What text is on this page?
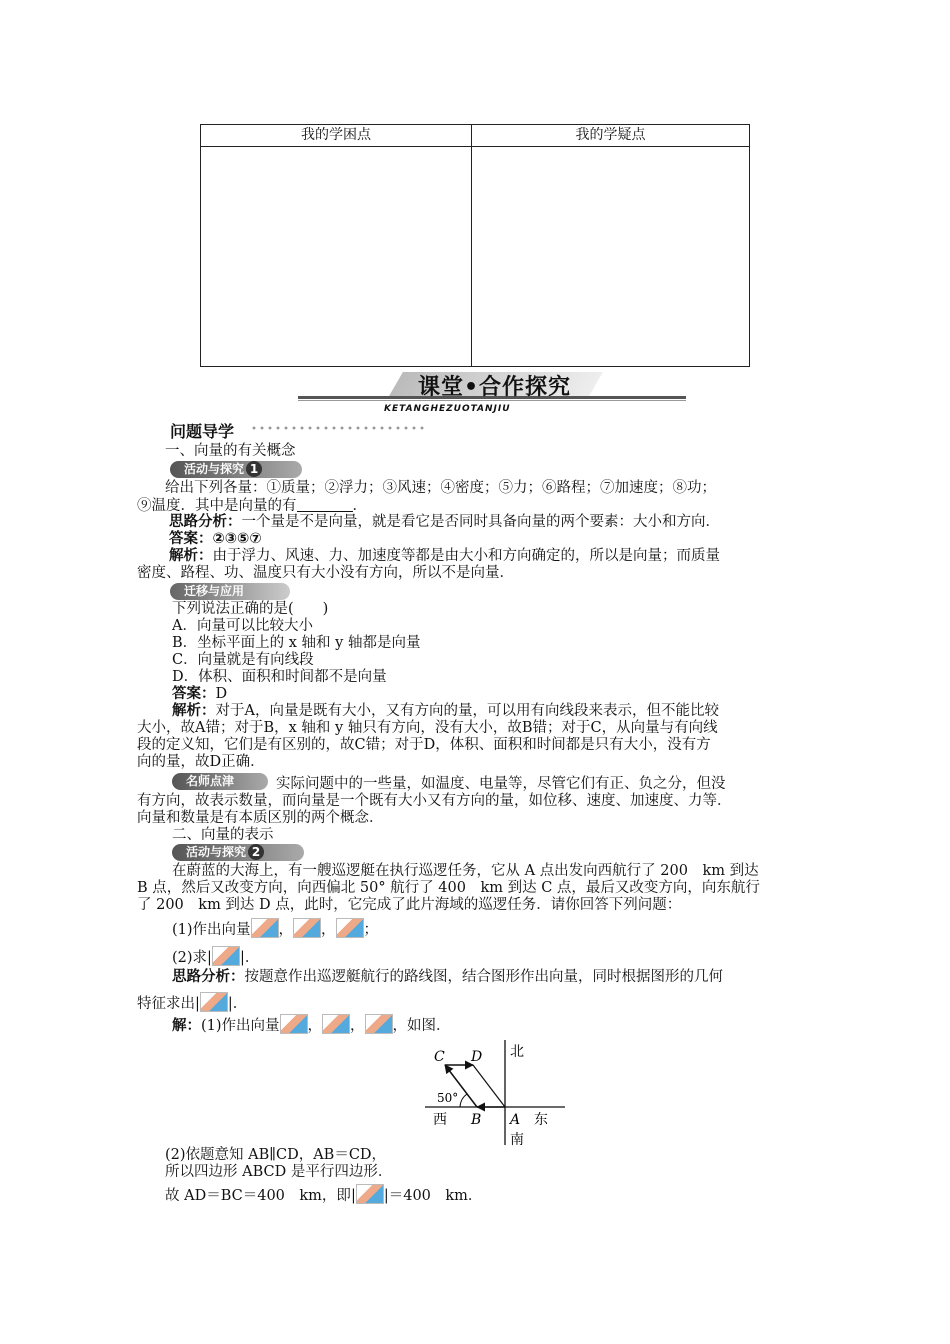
我的学困点	我的学疑点
课堂•合作探究
KETANGHEZUOTANJIU
问题导学
一、向量的有关概念
活动与探究 1
给出下列各量：①质量；②浮力；③风速；④密度；⑤力；⑥路程；⑦加速度；⑧功；
⑨温度．其中是向量的有	．
思路分析：一个量是不是向量，就是看它是否同时具备向量的两个要素：大小和方向．
答案：②③⑤⑦
解析：由于浮力、风速、力、加速度等都是由大小和方向确定的，所以是向量；而质量
密度、路程、功、温度只有大小没有方向，所以不是向量．
迁移与应用
下列说法正确的是(　　)
A．向量可以比较大小
B．坐标平面上的 x 轴和 y 轴都是向量
C．向量就是有向线段
D．体积、面积和时间都不是向量
答案：D
解析：对于A，向量是既有大小，又有方向的量，可以用有向线段来表示，但不能比较
大小，故A错；对于B，x 轴和 y 轴只有方向，没有大小，故B错；对于C，从向量与有向线
段的定义知，它们是有区别的，故C错；对于D，体积、面积和时间都是只有大小，没有方
向的量，故D正确．
名师点津	实际问题中的一些量，如温度、电量等，尽管它们有正、负之分，但没
有方向，故表示数量，而向量是一个既有大小又有方向的量，如位移、速度、加速度、力等．
向量和数量是有本质区别的两个概念．
二、向量的表示
活动与探究 2
在蔚蓝的大海上，有一艘巡逻艇在执行巡逻任务，它从 A 点出发向西航行了 200　km 到达
B 点，然后又改变方向，向西偏北 50° 航行了 400　km 到达 C 点，最后又改变方向，向东航行
了 200　km 到达 D 点，此时，它完成了此片海域的巡逻任务．请你回答下列问题：
(1)作出向量 ， ， ；
(2)求| |．
思路分析：按题意作出巡逻艇航行的路线图，结合图形作出向量，同时根据图形的几何
特征求出| |．
解：(1)作出向量 ， ， ，如图．
C D 北
50°
西 B A 东
南
(2)依题意知 AB∥CD，AB＝CD，
所以四边形 ABCD 是平行四边形．
故 AD＝BC＝400　km，即| |＝400　km．
